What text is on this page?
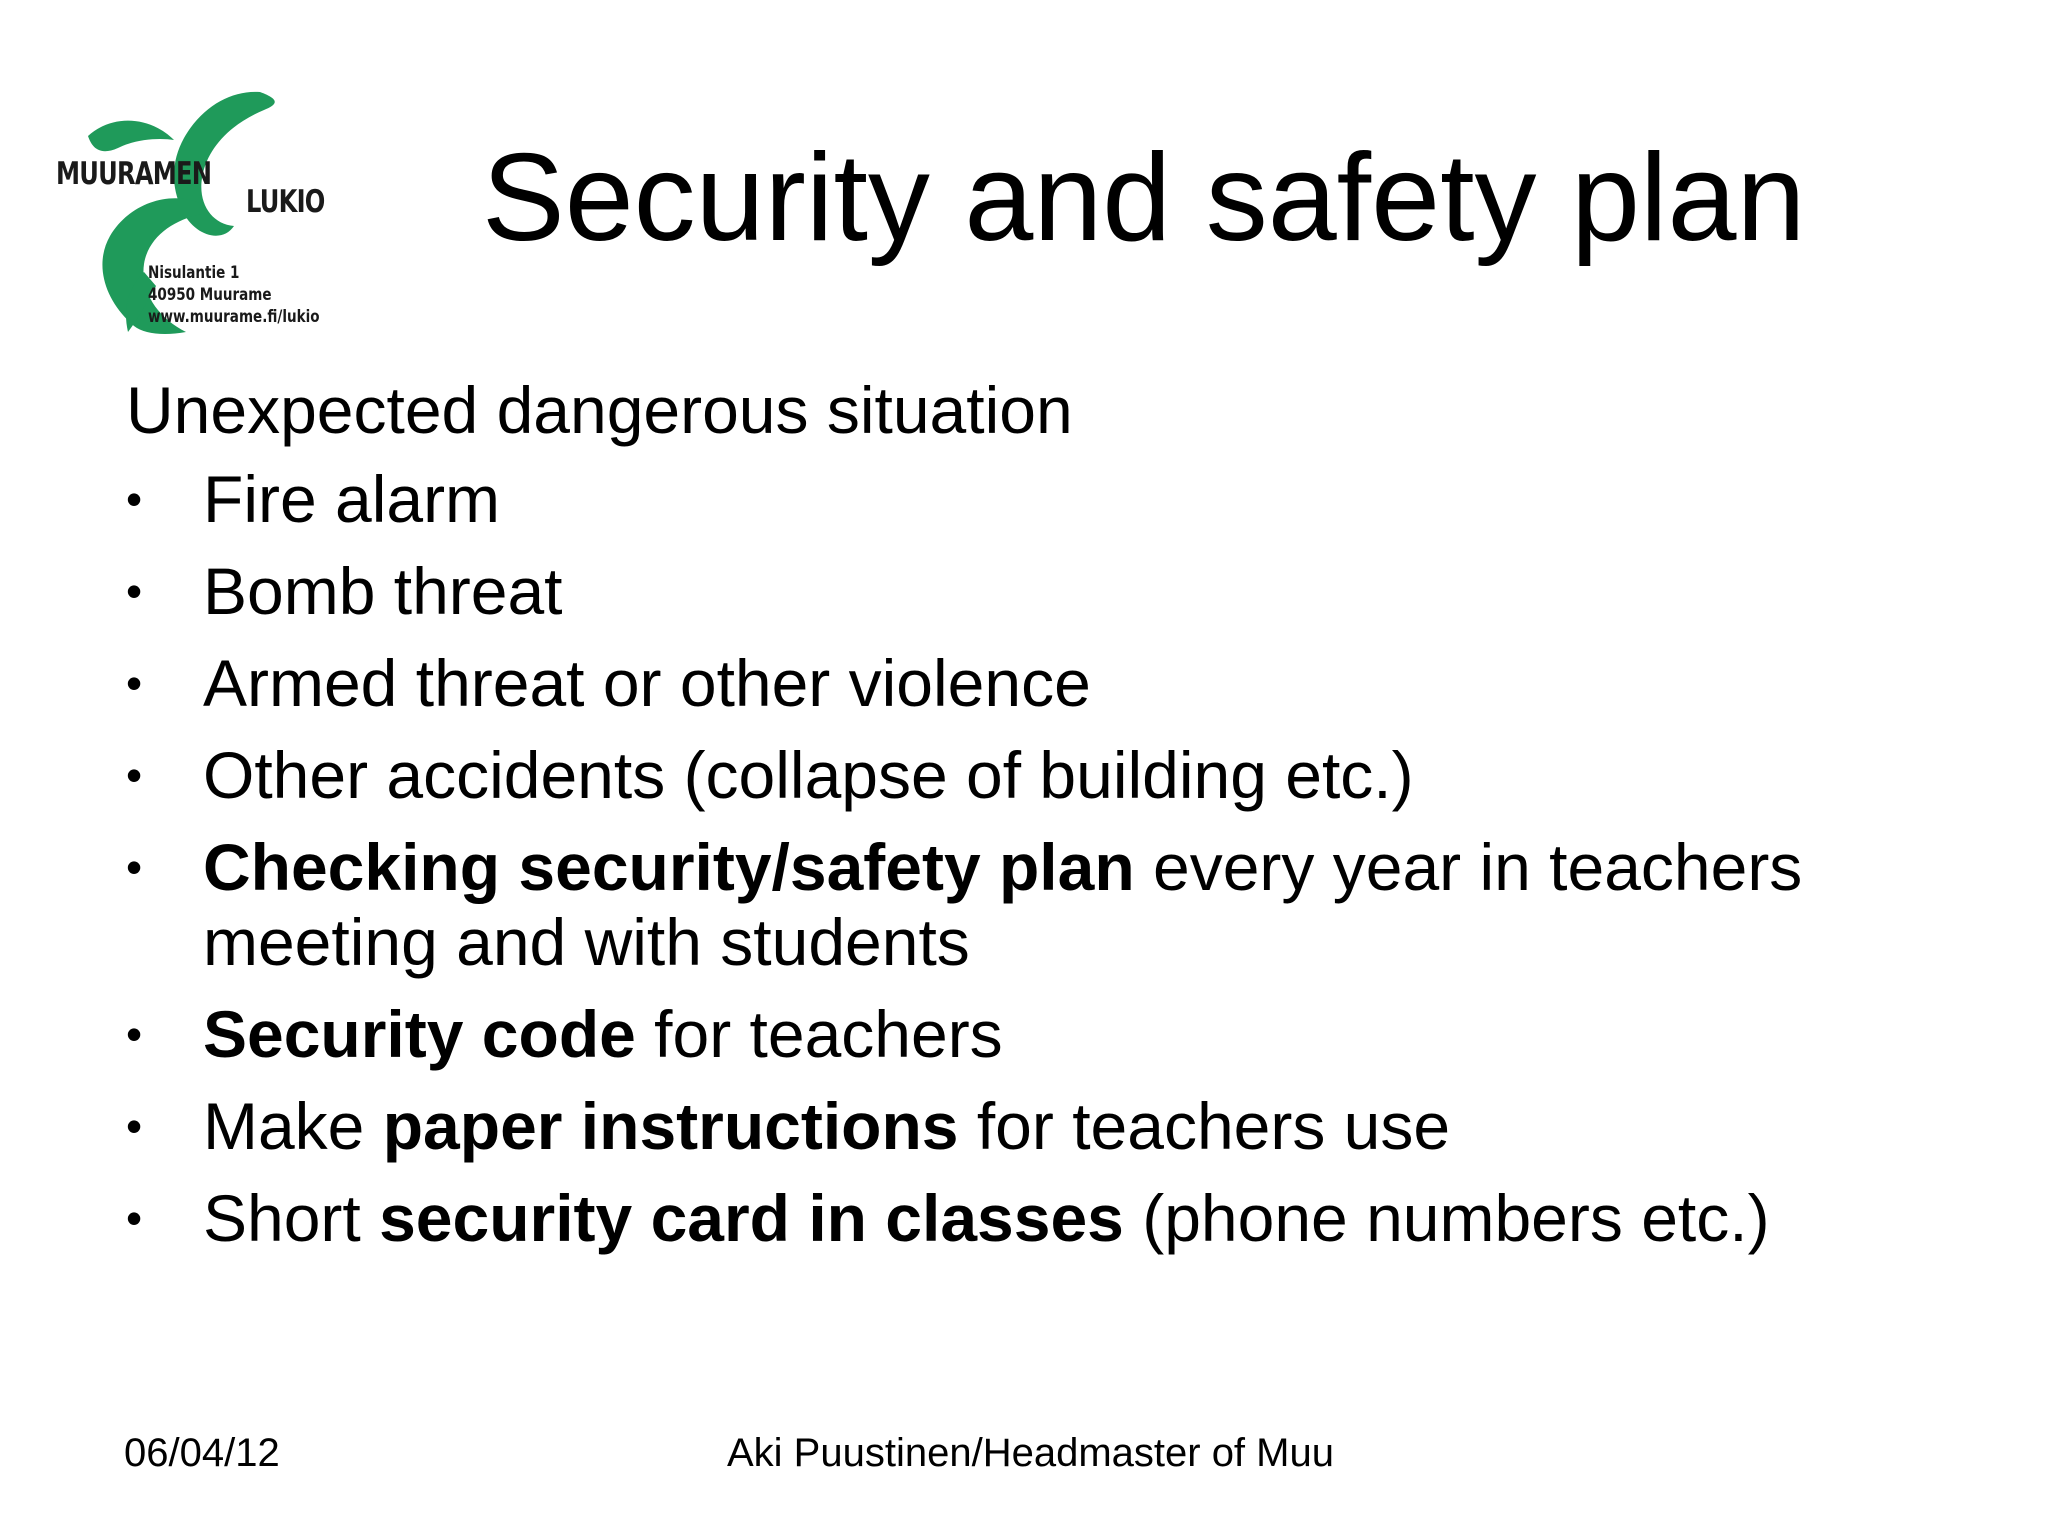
MUURAMEN
LUKIO
Nisulantie 1
40950 Muurame
www.muurame.fi/lukio
Security and safety plan
Unexpected dangerous situation
• Fire alarm
• Bomb threat
• Armed threat or other violence
• Other accidents (collapse of building etc.)
• Checking security/safety plan every year in teachers meeting and with students
• Security code for teachers
• Make paper instructions for teachers use
• Short security card in classes (phone numbers etc.)
06/04/12	Aki Puustinen/Headmaster of Muu
